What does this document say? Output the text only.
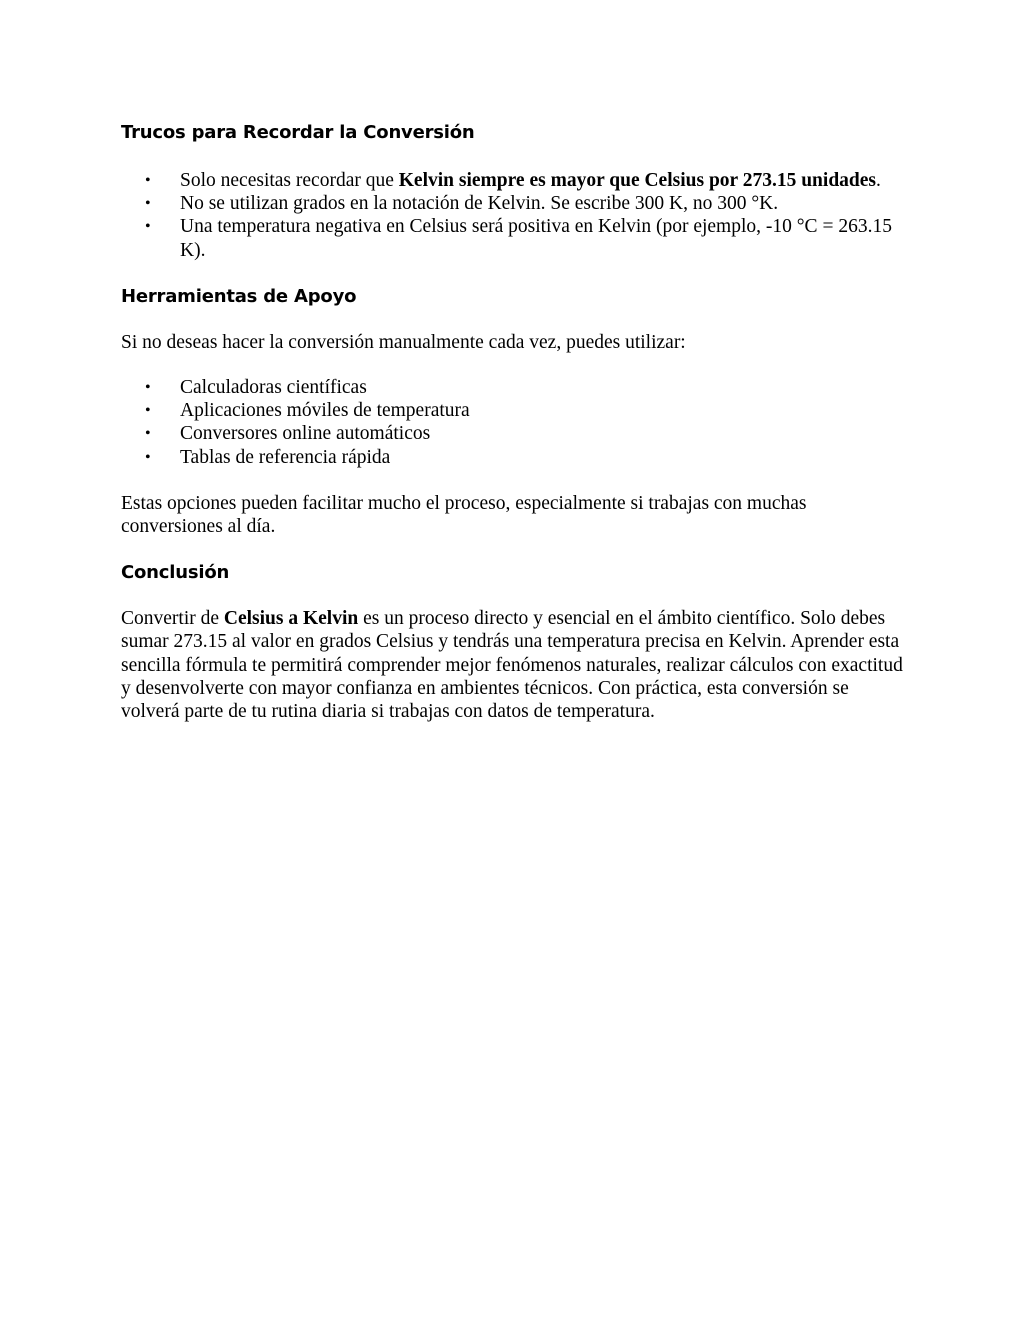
Trucos para Recordar la Conversión
• Solo necesitas recordar que Kelvin siempre es mayor que Celsius por 273.15 unidades.
• No se utilizan grados en la notación de Kelvin. Se escribe 300 K, no 300 °K.
• Una temperatura negativa en Celsius será positiva en Kelvin (por ejemplo, -10 °C = 263.15 K).
Herramientas de Apoyo

Si no deseas hacer la conversión manualmente cada vez, puedes utilizar:

• Calculadoras científicas
• Aplicaciones móviles de temperatura
• Conversores online automáticos
• Tablas de referencia rápida

Estas opciones pueden facilitar mucho el proceso, especialmente si trabajas con muchas conversiones al día.

Conclusión

Convertir de Celsius a Kelvin es un proceso directo y esencial en el ámbito científico. Solo debes sumar 273.15 al valor en grados Celsius y tendrás una temperatura precisa en Kelvin. Aprender esta sencilla fórmula te permitirá comprender mejor fenómenos naturales, realizar cálculos con exactitud y desenvolverte con mayor confianza en ambientes técnicos. Con práctica, esta conversión se volverá parte de tu rutina diaria si trabajas con datos de temperatura.
